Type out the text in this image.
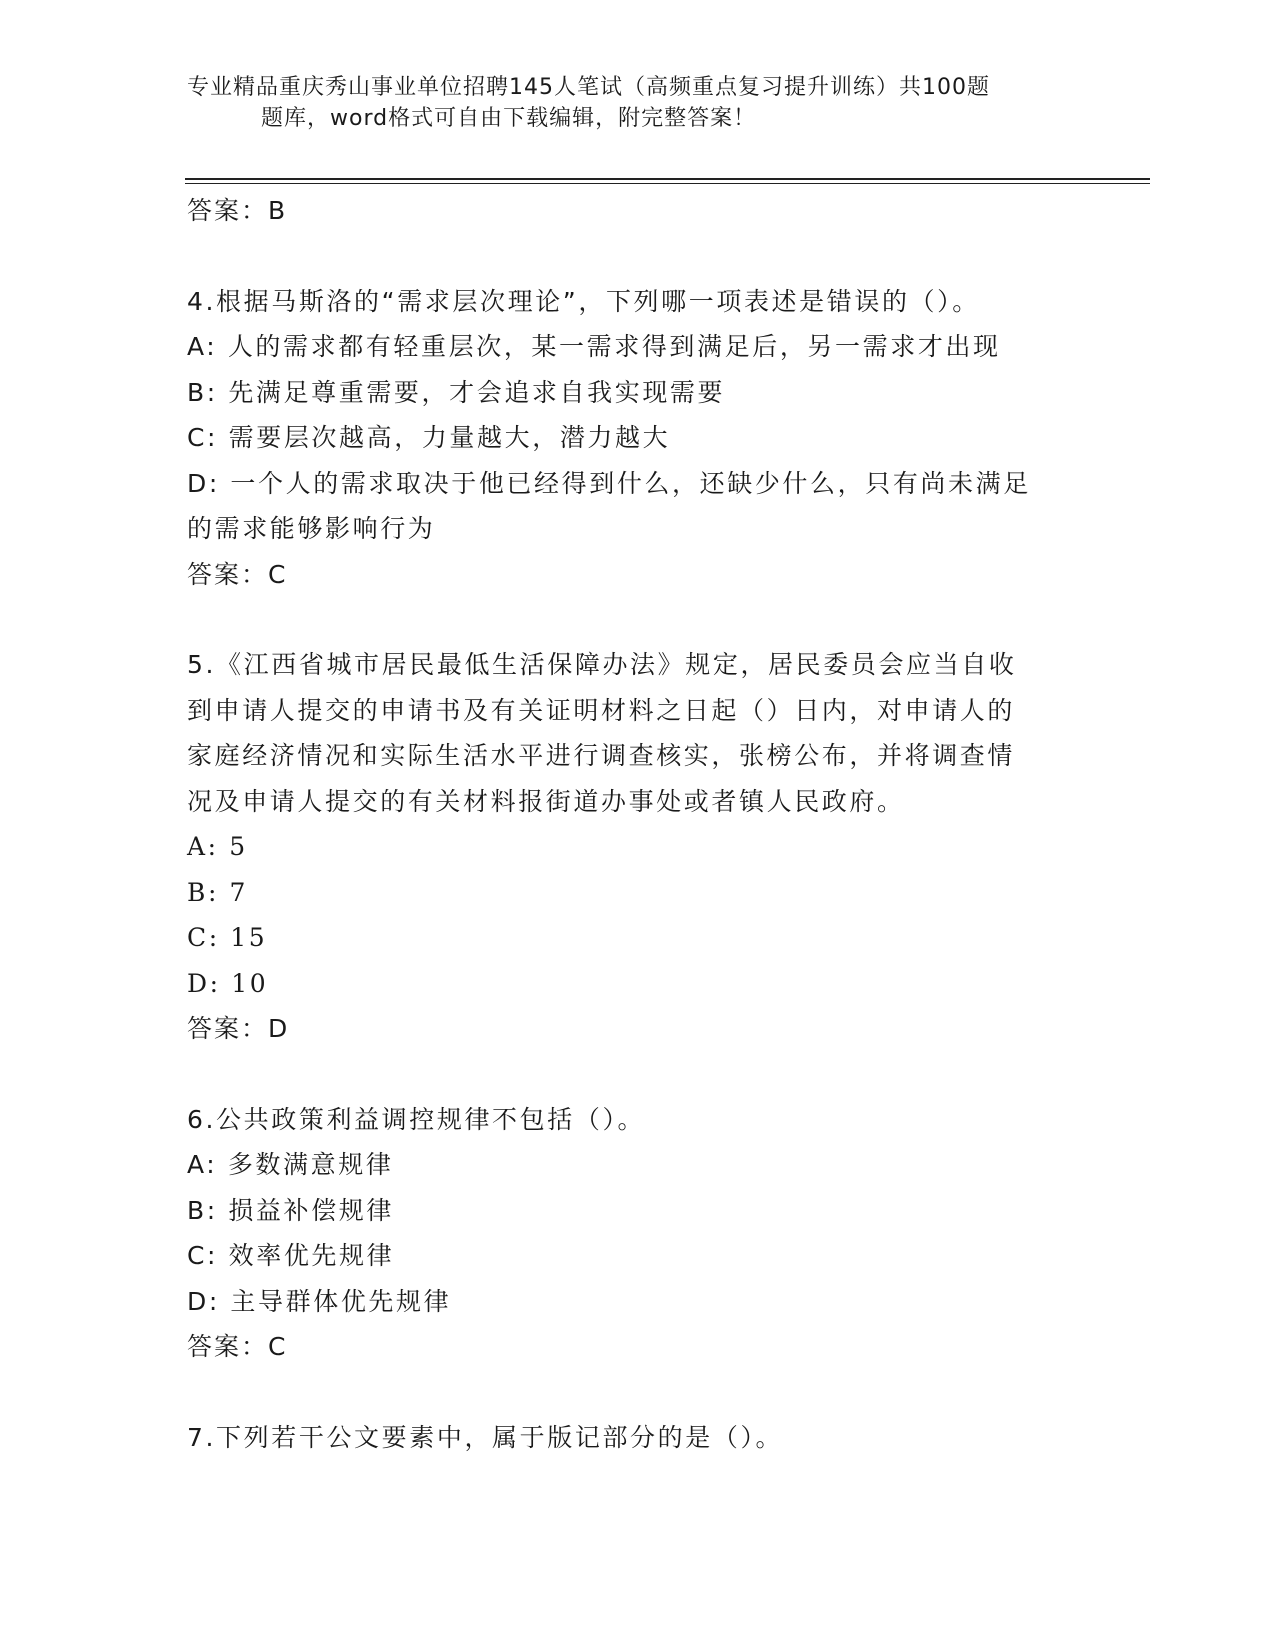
专业精品重庆秀山事业单位招聘145人笔试（高频重点复习提升训练）共100题
题库，word格式可自由下载编辑，附完整答案！
答案：B
4.根据马斯洛的“需求层次理论”，下列哪一项表述是错误的（）。
A: 人的需求都有轻重层次，某一需求得到满足后，另一需求才出现
B: 先满足尊重需要，才会追求自我实现需要
C: 需要层次越高，力量越大，潜力越大
D: 一个人的需求取决于他已经得到什么，还缺少什么，只有尚未满足
的需求能够影响行为
答案：C
5.《江西省城市居民最低生活保障办法》规定，居民委员会应当自收
到申请人提交的申请书及有关证明材料之日起（）日内，对申请人的
家庭经济情况和实际生活水平进行调查核实，张榜公布，并将调查情
况及申请人提交的有关材料报街道办事处或者镇人民政府。
A: 5
B: 7
C: 15
D: 10
答案：D
6.公共政策利益调控规律不包括（）。
A: 多数满意规律
B: 损益补偿规律
C: 效率优先规律
D: 主导群体优先规律
答案：C
7.下列若干公文要素中，属于版记部分的是（）。
